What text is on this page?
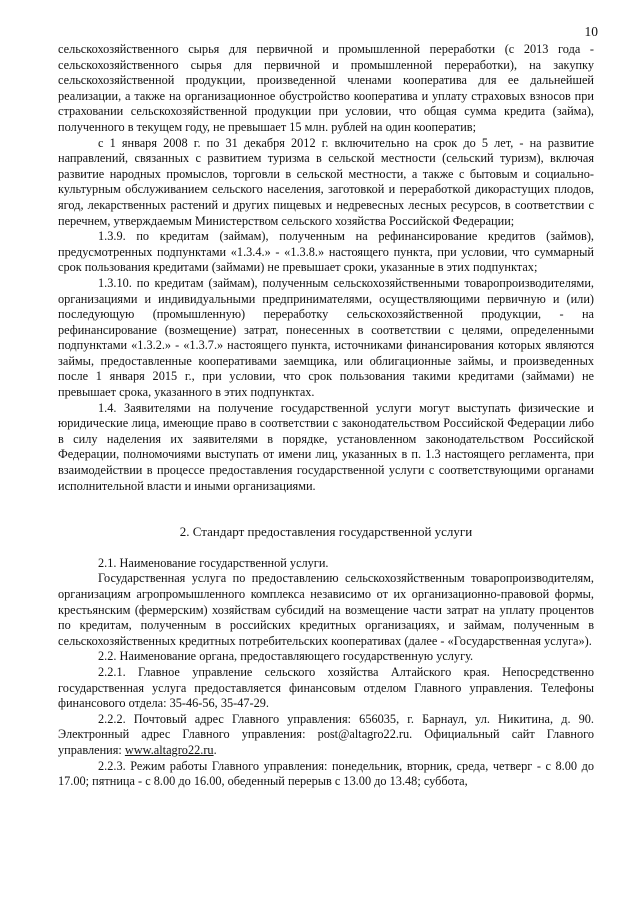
10

сельскохозяйственного сырья для первичной и промышленной переработки (с 2013 года - сельскохозяйственного сырья для первичной и промышленной переработки), на закупку сельскохозяйственной продукции, произведенной членами кооператива для ее дальнейшей реализации, а также на организационное обустройство кооператива и уплату страховых взносов при страховании сельскохозяйственной продукции при условии, что общая сумма кредита (займа), полученного в текущем году, не превышает 15 млн. рублей на один кооператив;

с 1 января 2008 г. по 31 декабря 2012 г. включительно на срок до 5 лет, - на развитие направлений, связанных с развитием туризма в сельской местности (сельский туризм), включая развитие народных промыслов, торговли в сельской местности, а также с бытовым и социально-культурным обслуживанием сельского населения, заготовкой и переработкой дикорастущих плодов, ягод, лекарственных растений и других пищевых и недревесных лесных ресурсов, в соответствии с перечнем, утверждаемым Министерством сельского хозяйства Российской Федерации;

1.3.9. по кредитам (займам), полученным на рефинансирование кредитов (займов), предусмотренных подпунктами «1.3.4.» - «1.3.8.» настоящего пункта, при условии, что суммарный срок пользования кредитами (займами) не превышает сроки, указанные в этих подпунктах;

1.3.10. по кредитам (займам), полученным сельскохозяйственными товаропроизводителями, организациями и индивидуальными предпринимателями, осуществляющими первичную и (или) последующую (промышленную) переработку сельскохозяйственной продукции, - на рефинансирование (возмещение) затрат, понесенных в соответствии с целями, определенными подпунктами «1.3.2.» - «1.3.7.» настоящего пункта, источниками финансирования которых являются займы, предоставленные кооперативами заемщика, или облигационные займы, и произведенных после 1 января 2015 г., при условии, что срок пользования такими кредитами (займами) не превышает срока, указанного в этих подпунктах.

1.4. Заявителями на получение государственной услуги могут выступать физические и юридические лица, имеющие право в соответствии с законодательством Российской Федерации либо в силу наделения их заявителями в порядке, установленном законодательством Российской Федерации, полномочиями выступать от имени лиц, указанных в п. 1.3 настоящего регламента, при взаимодействии в процессе предоставления государственной услуги с соответствующими органами исполнительной власти и иными организациями.

2. Стандарт предоставления государственной услуги

2.1. Наименование государственной услуги.

Государственная услуга по предоставлению сельскохозяйственным товаропроизводителям, организациям агропромышленного комплекса независимо от их организационно-правовой формы, крестьянским (фермерским) хозяйствам субсидий на возмещение части затрат на уплату процентов по кредитам, полученным в российских кредитных организациях, и займам, полученным в сельскохозяйственных кредитных потребительских кооперативах (далее - «Государственная услуга»).

2.2. Наименование органа, предоставляющего государственную услугу.

2.2.1. Главное управление сельского хозяйства Алтайского края. Непосредственно государственная услуга предоставляется финансовым отделом Главного управления. Телефоны финансового отдела: 35-46-56, 35-47-29.

2.2.2. Почтовый адрес Главного управления: 656035, г. Барнаул, ул. Никитина, д. 90. Электронный адрес Главного управления: post@altagro22.ru. Официальный сайт Главного управления: www.altagro22.ru.

2.2.3. Режим работы Главного управления: понедельник, вторник, среда, четверг - с 8.00 до 17.00; пятница - с 8.00 до 16.00, обеденный перерыв с 13.00 до 13.48; суббота,
